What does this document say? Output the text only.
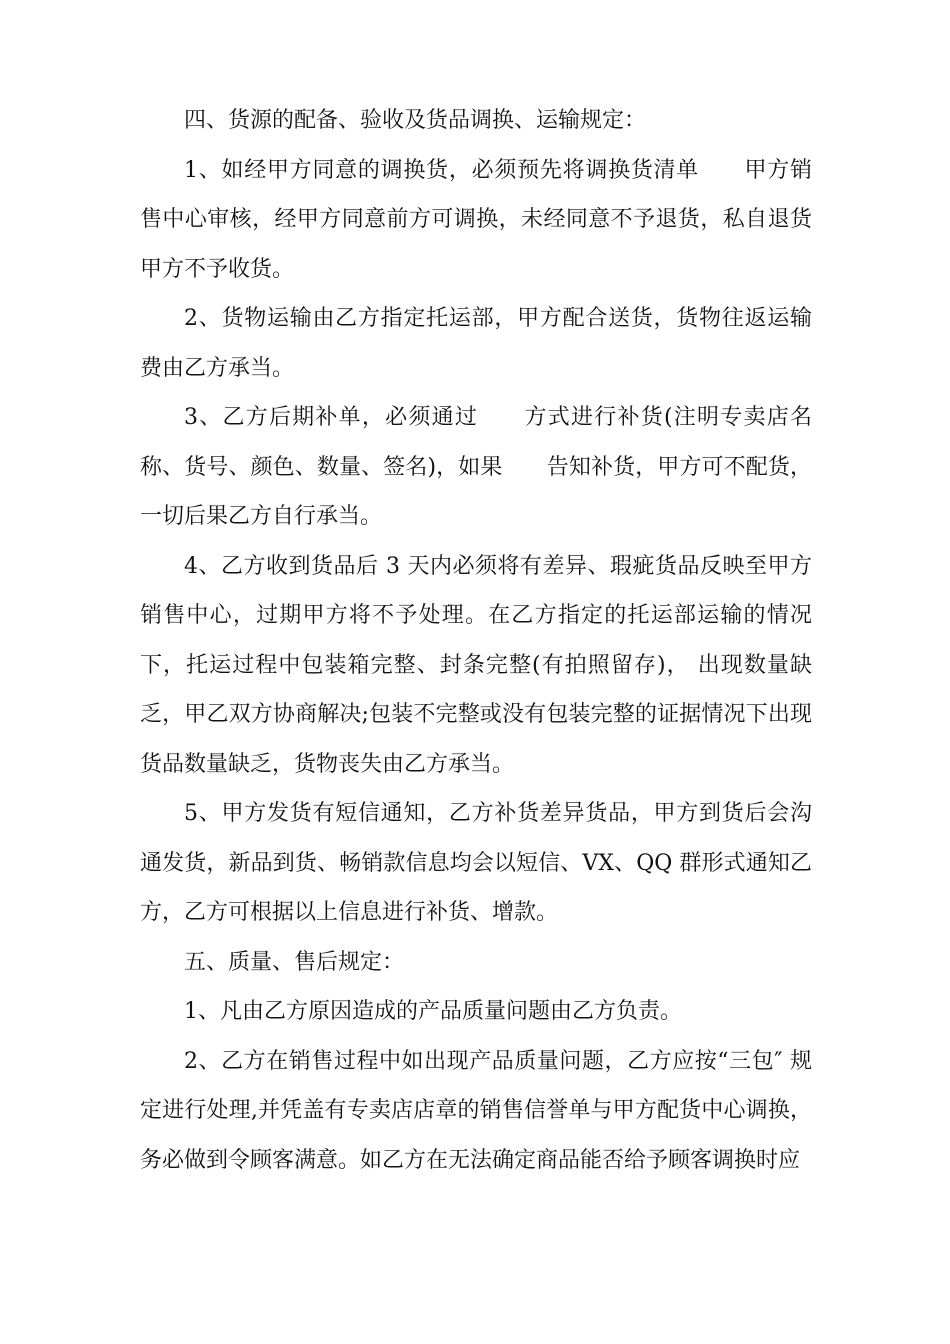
四、货源的配备、验收及货品调换、运输规定：

1、如经甲方同意的调换货，必须预先将调换货清单　　甲方销售中心审核，经甲方同意前方可调换，未经同意不予退货，私自退货甲方不予收货。

2、货物运输由乙方指定托运部，甲方配合送货，货物往返运输费由乙方承当。

3、乙方后期补单，必须通过　　方式进行补货(注明专卖店名称、货号、颜色、数量、签名)，如果　　告知补货，甲方可不配货，一切后果乙方自行承当。

4、乙方收到货品后 3 天内必须将有差异、瑕疵货品反映至甲方销售中心，过期甲方将不予处理。在乙方指定的托运部运输的情况下，托运过程中包装箱完整、封条完整(有拍照留存)， 出现数量缺乏，甲乙双方协商解决;包装不完整或没有包装完整的证据情况下出现货品数量缺乏，货物丧失由乙方承当。

5、甲方发货有短信通知，乙方补货差异货品，甲方到货后会沟通发货，新品到货、畅销款信息均会以短信、VX、QQ 群形式通知乙方，乙方可根据以上信息进行补货、增款。

五、质量、售后规定：

1、凡由乙方原因造成的产品质量问题由乙方负责。

2、乙方在销售过程中如出现产品质量问题，乙方应按“三包″ 规定进行处理,并凭盖有专卖店店章的销售信誉单与甲方配货中心调换，务必做到令顾客满意。如乙方在无法确定商品能否给予顾客调换时应
